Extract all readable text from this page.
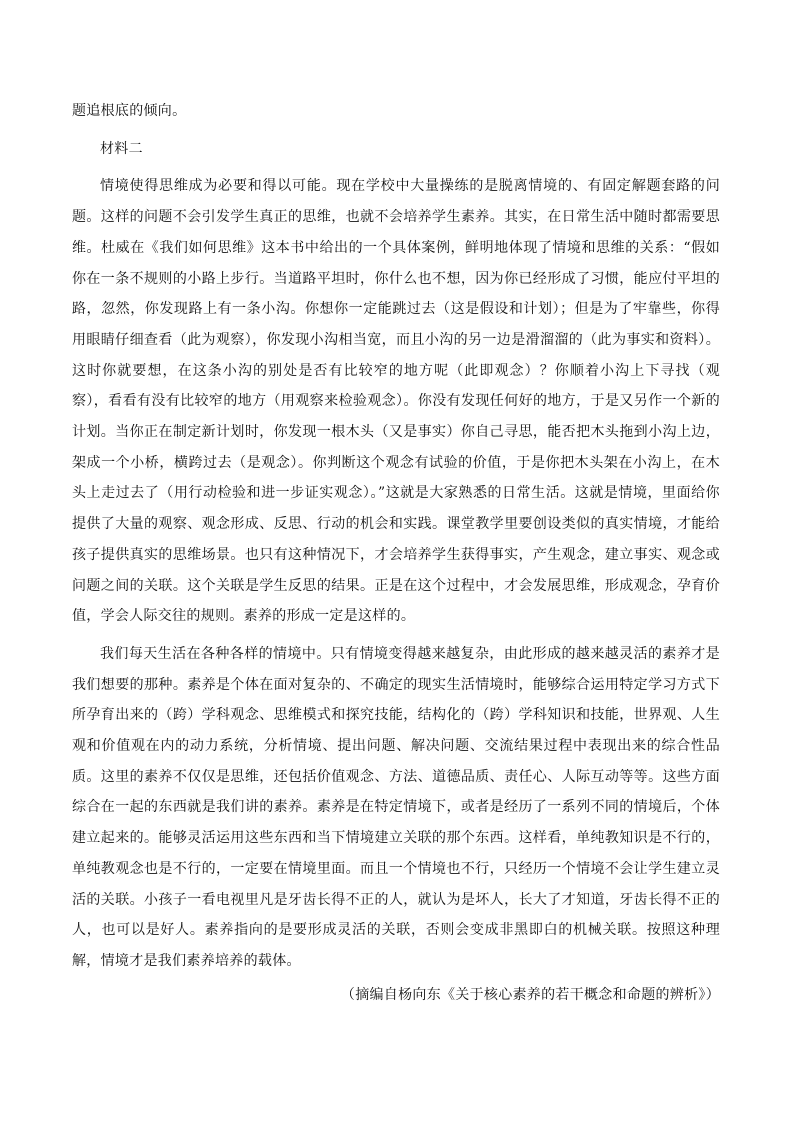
题追根底的倾向。

材料二

情境使得思维成为必要和得以可能。现在学校中大量操练的是脱离情境的、有固定解题套路的问题。这样的问题不会引发学生真正的思维，也就不会培养学生素养。其实，在日常生活中随时都需要思维。杜威在《我们如何思维》这本书中给出的一个具体案例，鲜明地体现了情境和思维的关系：“假如你在一条不规则的小路上步行。当道路平坦时，你什么也不想，因为你已经形成了习惯，能应付平坦的路，忽然，你发现路上有一条小沟。你想你一定能跳过去（这是假设和计划）；但是为了牢靠些，你得用眼睛仔细查看（此为观察），你发现小沟相当宽，而且小沟的另一边是滑溜溜的（此为事实和资料）。这时你就要想，在这条小沟的别处是否有比较窄的地方呢（此即观念）？你顺着小沟上下寻找（观察），看看有没有比较窄的地方（用观察来检验观念）。你没有发现任何好的地方，于是又另作一个新的计划。当你正在制定新计划时，你发现一根木头（又是事实）你自己寻思，能否把木头拖到小沟上边，架成一个小桥，横跨过去（是观念）。你判断这个观念有试验的价值，于是你把木头架在小沟上，在木头上走过去了（用行动检验和进一步证实观念）。”这就是大家熟悉的日常生活。这就是情境，里面给你提供了大量的观察、观念形成、反思、行动的机会和实践。课堂教学里要创设类似的真实情境，才能给孩子提供真实的思维场景。也只有这种情况下，才会培养学生获得事实，产生观念，建立事实、观念或问题之间的关联。这个关联是学生反思的结果。正是在这个过程中，才会发展思维，形成观念，孕育价值，学会人际交往的规则。素养的形成一定是这样的。

我们每天生活在各种各样的情境中。只有情境变得越来越复杂，由此形成的越来越灵活的素养才是我们想要的那种。素养是个体在面对复杂的、不确定的现实生活情境时，能够综合运用特定学习方式下所孕育出来的（跨）学科观念、思维模式和探究技能，结构化的（跨）学科知识和技能，世界观、人生观和价值观在内的动力系统，分析情境、提出问题、解决问题、交流结果过程中表现出来的综合性品质。这里的素养不仅仅是思维，还包括价值观念、方法、道德品质、责任心、人际互动等等。这些方面综合在一起的东西就是我们讲的素养。素养是在特定情境下，或者是经历了一系列不同的情境后，个体建立起来的。能够灵活运用这些东西和当下情境建立关联的那个东西。这样看，单纯教知识是不行的，单纯教观念也是不行的，一定要在情境里面。而且一个情境也不行，只经历一个情境不会让学生建立灵活的关联。小孩子一看电视里凡是牙齿长得不正的人，就认为是坏人，长大了才知道，牙齿长得不正的人，也可以是好人。素养指向的是要形成灵活的关联，否则会变成非黑即白的机械关联。按照这种理解，情境才是我们素养培养的载体。

（摘编自杨向东《关于核心素养的若干概念和命题的辨析》）
